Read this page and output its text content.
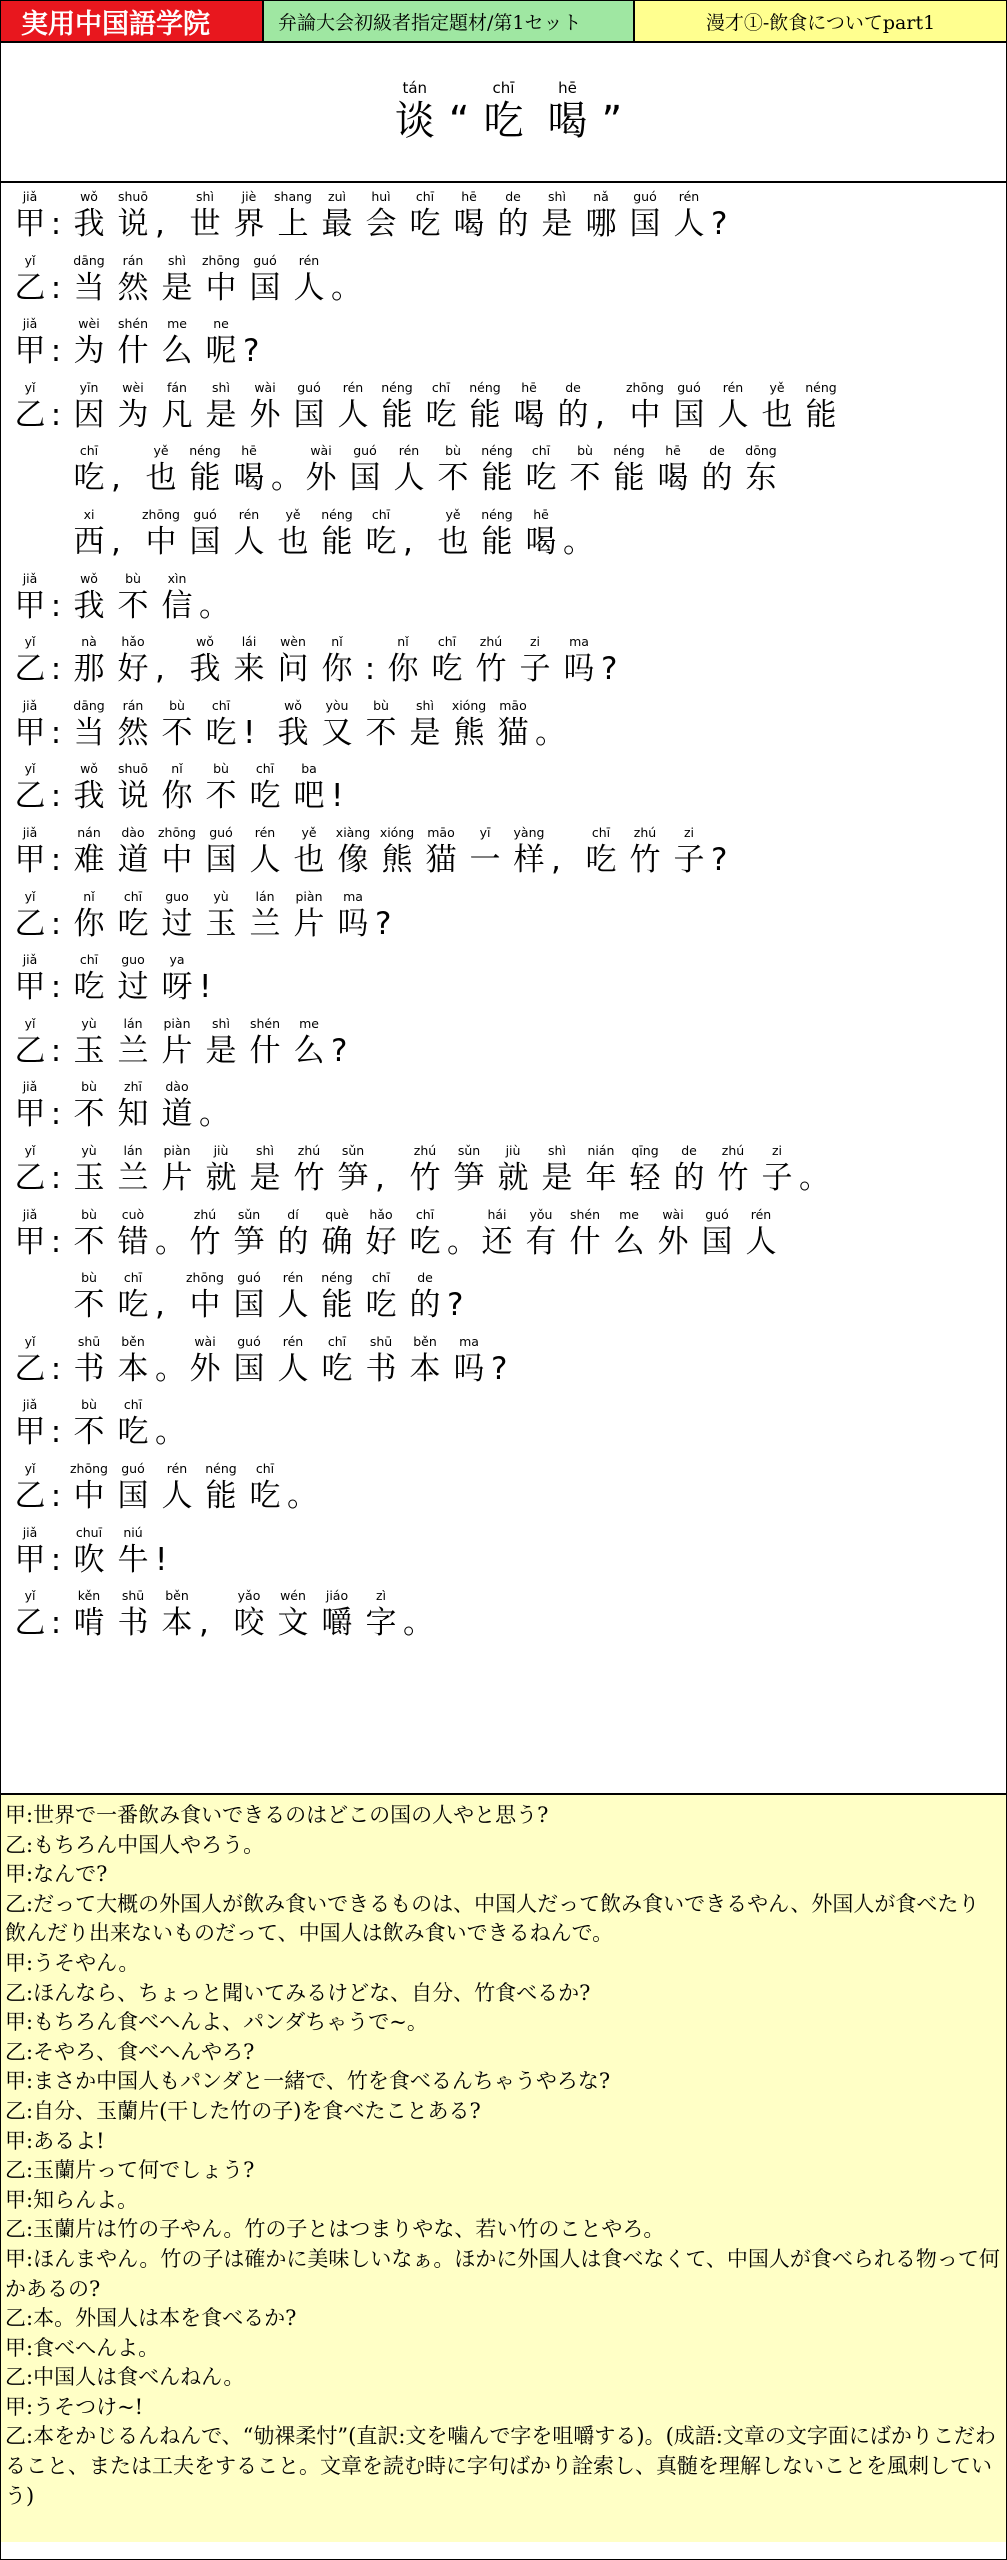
実用中国語学院	弁論大会初級者指定題材/第1セット	漫才①-飲食についてpart1
tán
谈 “
chī
吃
hē
喝 ”
jiǎ
甲 :
wǒ
我
shuō
说 ,
shì
世
jiè
界
shang
上
zuì
最
huì
会
chī
吃
hē
喝
de
的
shì
是
nǎ
哪
guó
国
rén
人 ?
yǐ
乙 :
dāng
当
rán
然
shì
是
zhōng
中
guó
国
rén
人 。
jiǎ
甲 :
wèi
为
shén
什
me
么
ne
呢 ?
yǐ
乙 :
yīn
因
wèi
为
fán
凡
shì
是
wài
外
guó
国
rén
人
néng
能
chī
吃
néng
能
hē
喝
de
的 ,
zhōng
中
guó
国
rén
人
yě
也
néng
能
chī
吃 ,
yě
也
néng
能
hē
喝 。
wài
外
guó
国
rén
人
bù
不
néng
能
chī
吃
bù
不
néng
能
hē
喝
de
的
dōng
东
xi
西 ,
zhōng
中
guó
国
rén
人
yě
也
néng
能
chī
吃 ,
yě
也
néng
能
hē
喝 。
jiǎ
甲 :
wǒ
我
bù
不
xìn
信 。
yǐ
乙 :
nà
那
hǎo
好 ,
wǒ
我
lái
来
wèn
问
nǐ
你 :
nǐ
你
chī
吃
zhú
竹
zi
子
ma
吗 ?
jiǎ
甲 :
dāng
当
rán
然
bù
不
chī
吃 !
wǒ
我
yòu
又
bù
不
shì
是
xióng
熊
māo
猫 。
yǐ
乙 :
wǒ
我
shuō
说
nǐ
你
bù
不
chī
吃
ba
吧 !
jiǎ
甲 :
nán
难
dào
道
zhōng
中
guó
国
rén
人
yě
也
xiàng
像
xióng
熊
māo
猫
yī
一
yàng
样 ,
chī
吃
zhú
竹
zi
子 ?
yǐ
乙 :
nǐ
你
chī
吃
guo
过
yù
玉
lán
兰
piàn
片
ma
吗 ?
jiǎ
甲 :
chī
吃
guo
过
ya
呀 !
yǐ
乙 :
yù
玉
lán
兰
piàn
片
shì
是
shén
什
me
么 ?
jiǎ
甲 :
bù
不
zhī
知
dào
道 。
yǐ
乙 :
yù
玉
lán
兰
piàn
片
jiù
就
shì
是
zhú
竹
sǔn
笋 ,
zhú
竹
sǔn
笋
jiù
就
shì
是
nián
年
qīng
轻
de
的
zhú
竹
zi
子 。
jiǎ
甲 :
bù
不
cuò
错 。
zhú
竹
sǔn
笋
dí
的
què
确
hǎo
好
chī
吃 。
hái
还
yǒu
有
shén
什
me
么
wài
外
guó
国
rén
人
bù
不
chī
吃 ,
zhōng
中
guó
国
rén
人
néng
能
chī
吃
de
的 ?
yǐ
乙 :
shū
书
běn
本 。
wài
外
guó
国
rén
人
chī
吃
shū
书
běn
本
ma
吗 ?
jiǎ
甲 :
bù
不
chī
吃 。
yǐ
乙 :
zhōng
中
guó
国
rén
人
néng
能
chī
吃 。
jiǎ
甲 :
chuī
吹
niú
牛 !
yǐ
乙 :
kěn
啃
shū
书
běn
本 ,
yǎo
咬
wén
文
jiáo
嚼
zì
字 。
甲:世界で一番飲み食いできるのはどこの国の人やと思う?
乙:もちろん中国人やろう。
甲:なんで?
乙:だって大概の外国人が飲み食いできるものは、中国人だって飲み食いできるやん、外国人が食べたり飲んだり出来ないものだって、中国人は飲み食いできるねんで。
甲:うそやん。
乙:ほんなら、ちょっと聞いてみるけどな、自分、竹食べるか?
甲:もちろん食べへんよ、パンダちゃうで~。
乙:そやろ、食べへんやろ?
甲:まさか中国人もパンダと一緒で、竹を食べるんちゃうやろな?
乙:自分、玉蘭片(干した竹の子)を食べたことある?
甲:あるよ!
乙:玉蘭片って何でしょう?
甲:知らんよ。
乙:玉蘭片は竹の子やん。竹の子とはつまりやな、若い竹のことやろ。
甲:ほんまやん。竹の子は確かに美味しいなぁ。ほかに外国人は食べなくて、中国人が食べられる物って何かあるの?
乙:本。外国人は本を食べるか?
甲:食べへんよ。
乙:中国人は食べんねん。
甲:うそつけ~!
乙:本をかじるんねんで、“劬祼柔忖”(直訳:文を噛んで字を咀嚼する)。(成語:文章の文字面にばかりこだわること、または工夫をすること。文章を読む時に字句ばかり詮索し、真髄を理解しないことを風刺していう)
